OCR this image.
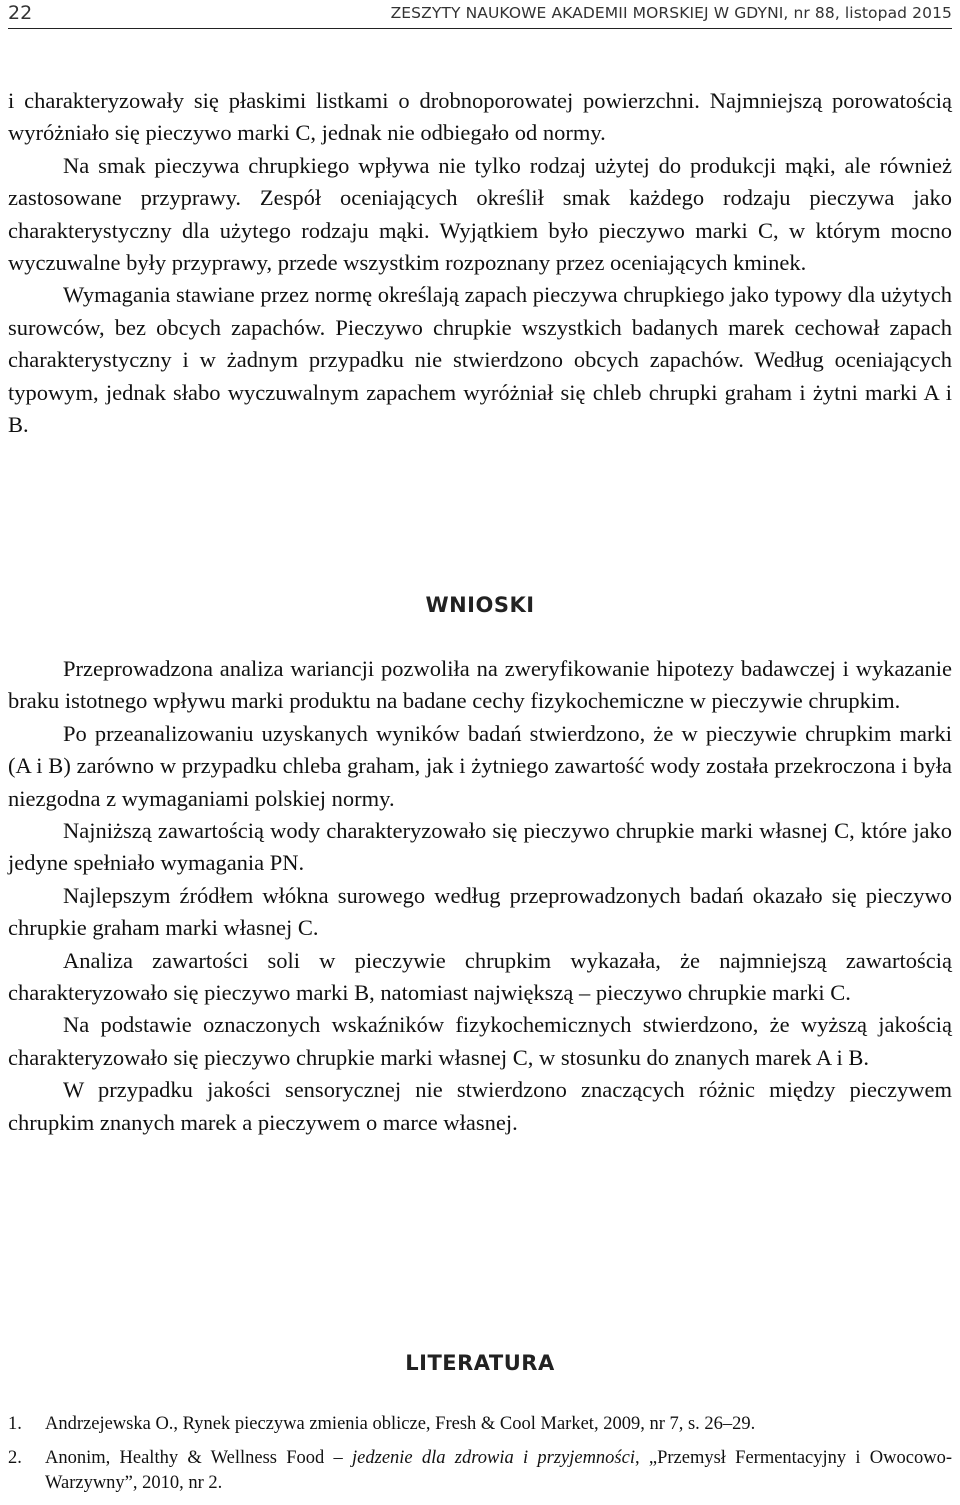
22	ZESZYTY NAUKOWE AKADEMII MORSKIEJ W GDYNI, nr 88, listopad 2015

i charakteryzowały się płaskimi listkami o drobnoporowatej powierzchni. Najmniejszą porowatością wyróżniało się pieczywo marki C, jednak nie odbiegało od normy.

Na smak pieczywa chrupkiego wpływa nie tylko rodzaj użytej do produkcji mąki, ale również zastosowane przyprawy. Zespół oceniających określił smak każdego rodzaju pieczywa jako charakterystyczny dla użytego rodzaju mąki. Wyjątkiem było pieczywo marki C, w którym mocno wyczuwalne były przyprawy, przede wszystkim rozpoznany przez oceniających kminek.

Wymagania stawiane przez normę określają zapach pieczywa chrupkiego jako typowy dla użytych surowców, bez obcych zapachów. Pieczywo chrupkie wszystkich badanych marek cechował zapach charakterystyczny i w żadnym przypadku nie stwierdzono obcych zapachów. Według oceniających typowym, jednak słabo wyczuwalnym zapachem wyróżniał się chleb chrupki graham i żytni marki A i B.

WNIOSKI

Przeprowadzona analiza wariancji pozwoliła na zweryfikowanie hipotezy badawczej i wykazanie braku istotnego wpływu marki produktu na badane cechy fizykochemiczne w pieczywie chrupkim.

Po przeanalizowaniu uzyskanych wyników badań stwierdzono, że w pieczywie chrupkim marki (A i B) zarówno w przypadku chleba graham, jak i żytniego zawartość wody została przekroczona i była niezgodna z wymaganiami polskiej normy.

Najniższą zawartością wody charakteryzowało się pieczywo chrupkie marki własnej C, które jako jedyne spełniało wymagania PN.

Najlepszym źródłem włókna surowego według przeprowadzonych badań okazało się pieczywo chrupkie graham marki własnej C.

Analiza zawartości soli w pieczywie chrupkim wykazała, że najmniejszą zawartością charakteryzowało się pieczywo marki B, natomiast największą – pieczywo chrupkie marki C.

Na podstawie oznaczonych wskaźników fizykochemicznych stwierdzono, że wyższą jakością charakteryzowało się pieczywo chrupkie marki własnej C, w stosunku do znanych marek A i B.

W przypadku jakości sensorycznej nie stwierdzono znaczących różnic między pieczywem chrupkim znanych marek a pieczywem o marce własnej.

LITERATURA
1. Andrzejewska O., Rynek pieczywa zmienia oblicze, Fresh & Cool Market, 2009, nr 7, s. 26–29.
2. Anonim, Healthy & Wellness Food – jedzenie dla zdrowia i przyjemności, „Przemysł Fermentacyjny i Owocowo-Warzywny”, 2010, nr 2.
